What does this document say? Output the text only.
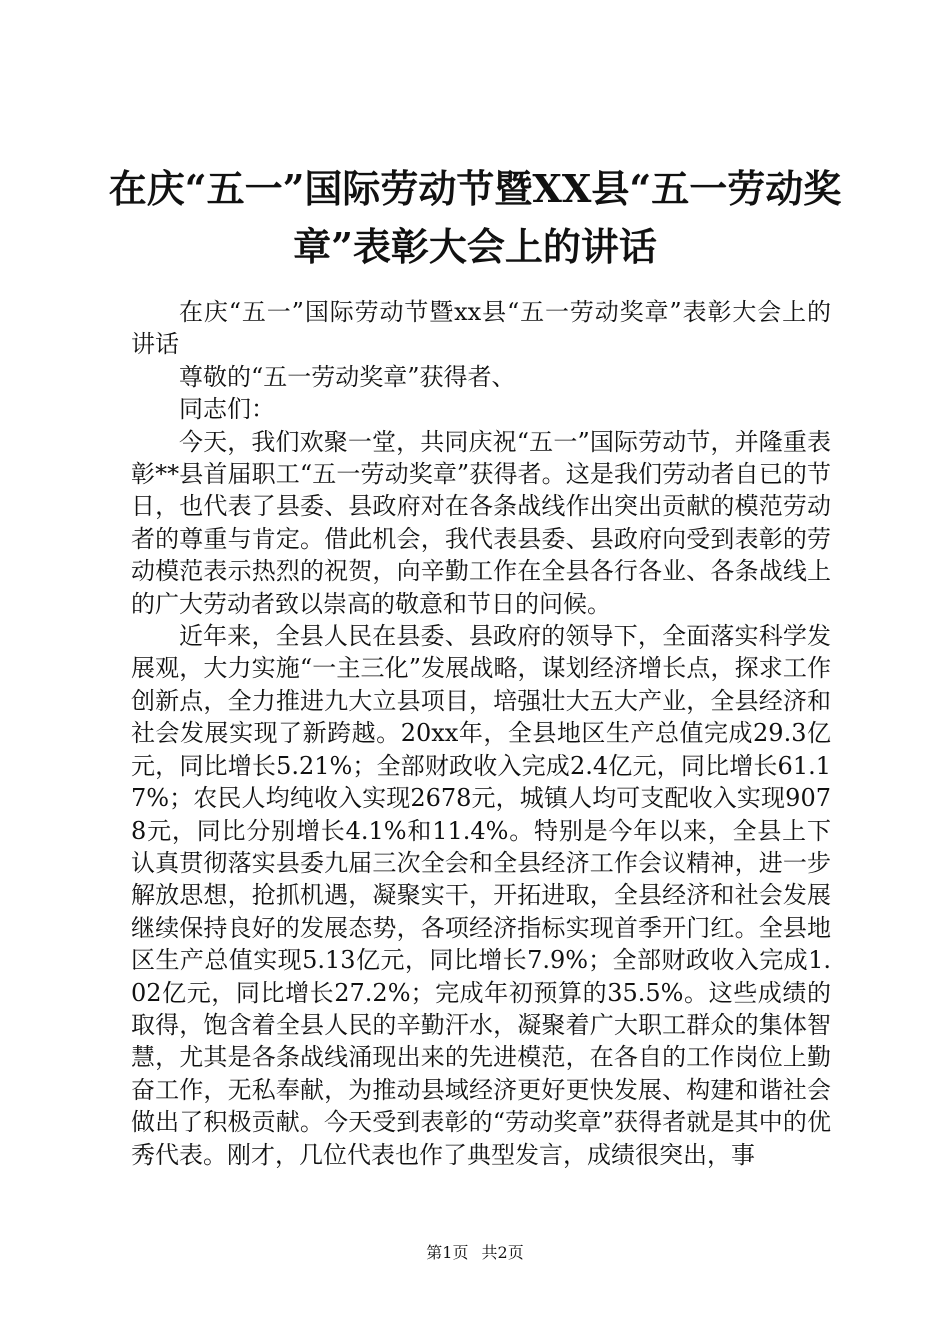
在庆“五一”国际劳动节暨XX县“五一劳动奖章”表彰大会上的讲话

在庆“五一”国际劳动节暨xx县“五一劳动奖章”表彰大会上的讲话

尊敬的“五一劳动奖章”获得者、

同志们：

今天，我们欢聚一堂，共同庆祝“五一”国际劳动节，并隆重表彰**县首届职工“五一劳动奖章”获得者。这是我们劳动者自已的节日，也代表了县委、县政府对在各条战线作出突出贡献的模范劳动者的尊重与肯定。借此机会，我代表县委、县政府向受到表彰的劳动模范表示热烈的祝贺，向辛勤工作在全县各行各业、各条战线上的广大劳动者致以崇高的敬意和节日的问候。

近年来，全县人民在县委、县政府的领导下，全面落实科学发展观，大力实施“一主三化”发展战略，谋划经济增长点，探求工作创新点，全力推进九大立县项目，培强壮大五大产业，全县经济和社会发展实现了新跨越。20xx年，全县地区生产总值完成29.3亿元，同比增长5.21%；全部财政收入完成2.4亿元，同比增长61.17%；农民人均纯收入实现2678元，城镇人均可支配收入实现9078元，同比分别增长4.1%和11.4%。特别是今年以来，全县上下认真贯彻落实县委九届三次全会和全县经济工作会议精神，进一步解放思想，抢抓机遇，凝聚实干，开拓进取，全县经济和社会发展继续保持良好的发展态势，各项经济指标实现首季开门红。全县地区生产总值实现5.13亿元，同比增长7.9%；全部财政收入完成1.02亿元，同比增长27.2%；完成年初预算的35.5%。这些成绩的取得，饱含着全县人民的辛勤汗水，凝聚着广大职工群众的集体智慧，尤其是各条战线涌现出来的先进模范，在各自的工作岗位上勤奋工作，无私奉献，为推动县域经济更好更快发展、构建和谐社会做出了积极贡献。今天受到表彰的“劳动奖章”获得者就是其中的优秀代表。刚才，几位代表也作了典型发言，成绩很突出，事

第1页 共2页
